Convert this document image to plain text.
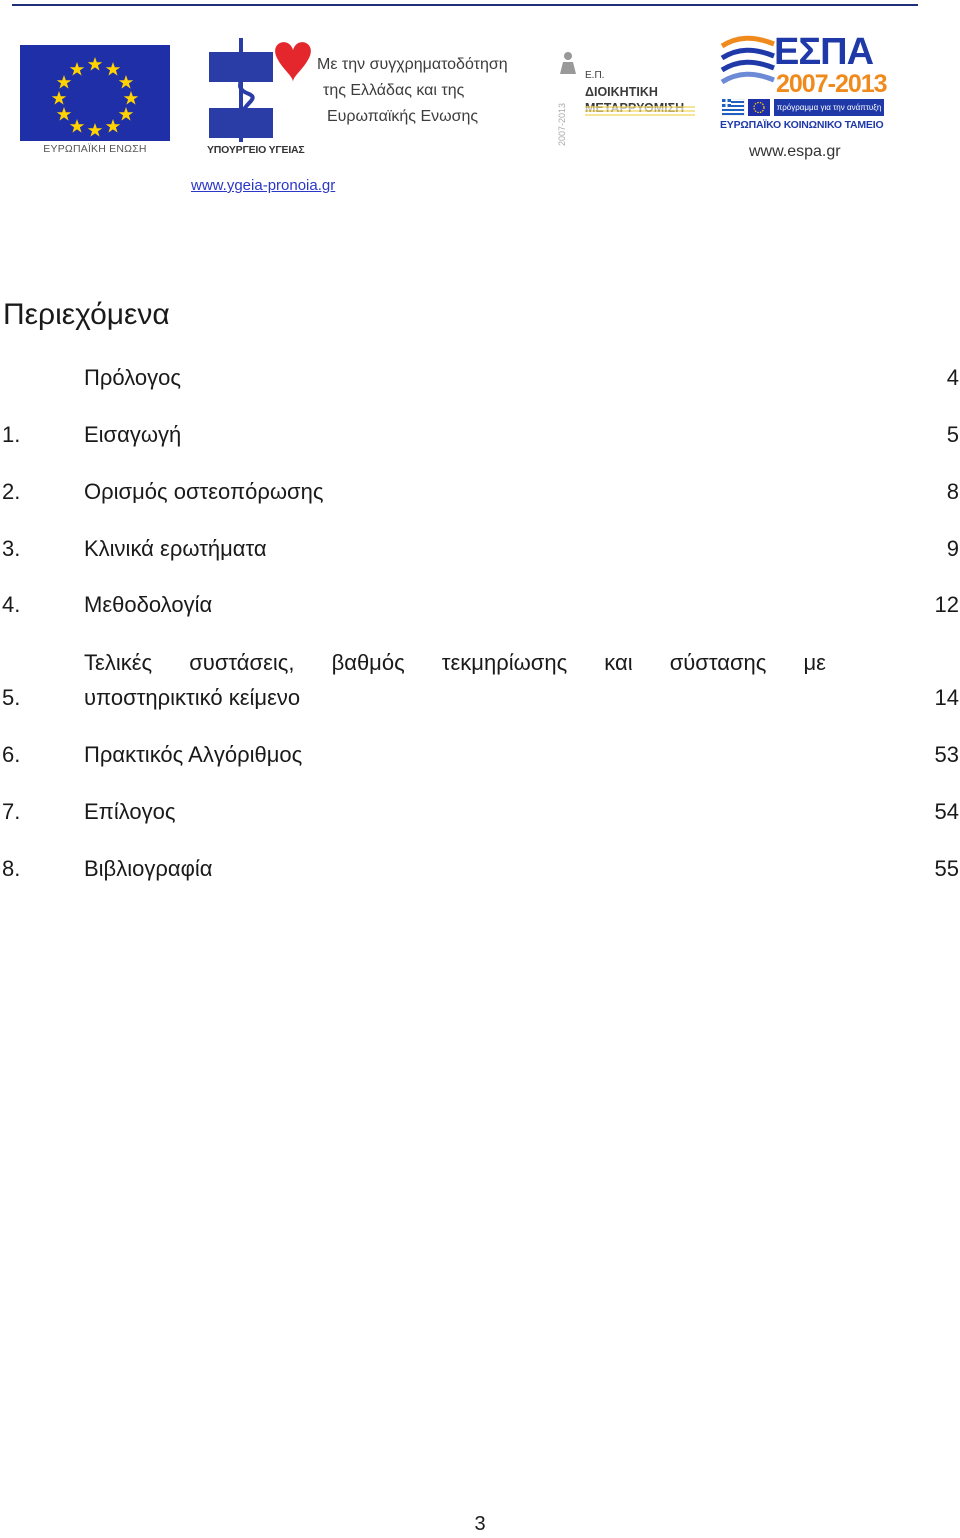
ΕΥΡΩΠΑΪΚΗ ΕΝΩΣΗ	ΥΠΟΥΡΓΕΙΟ ΥΓΕΙΑΣ
Με την συγχρηματοδότηση
της Ελλάδας και της
Ευρωπαϊκής Ενωσης
www.ygeia-pronoia.gr
2007-2013
Ε.Π.
ΔΙΟΙΚΗΤΙΚΗ
ΕΣΠΑ
2007-2013
πρόγραμμα για την ανάπτυξη
ΕΥΡΩΠΑΪΚΟ ΚΟΙΝΩΝΙΚΟ ΤΑΜΕΙΟ
www.espa.gr
Περιεχόμενα
Πρόλογος	4
1.	Εισαγωγή	5
2.	Ορισμός οστεοπόρωσης	8
3.	Κλινικά ερωτήματα	9
4.	Μεθοδολογία	12
Τελικές συστάσεις, βαθμός τεκμηρίωσης και σύστασης με
5.	υποστηρικτικό κείμενο	14
6.	Πρακτικός Αλγόριθμος	53
7.	Επίλογος	54
8.	Βιβλιογραφία	55
3
